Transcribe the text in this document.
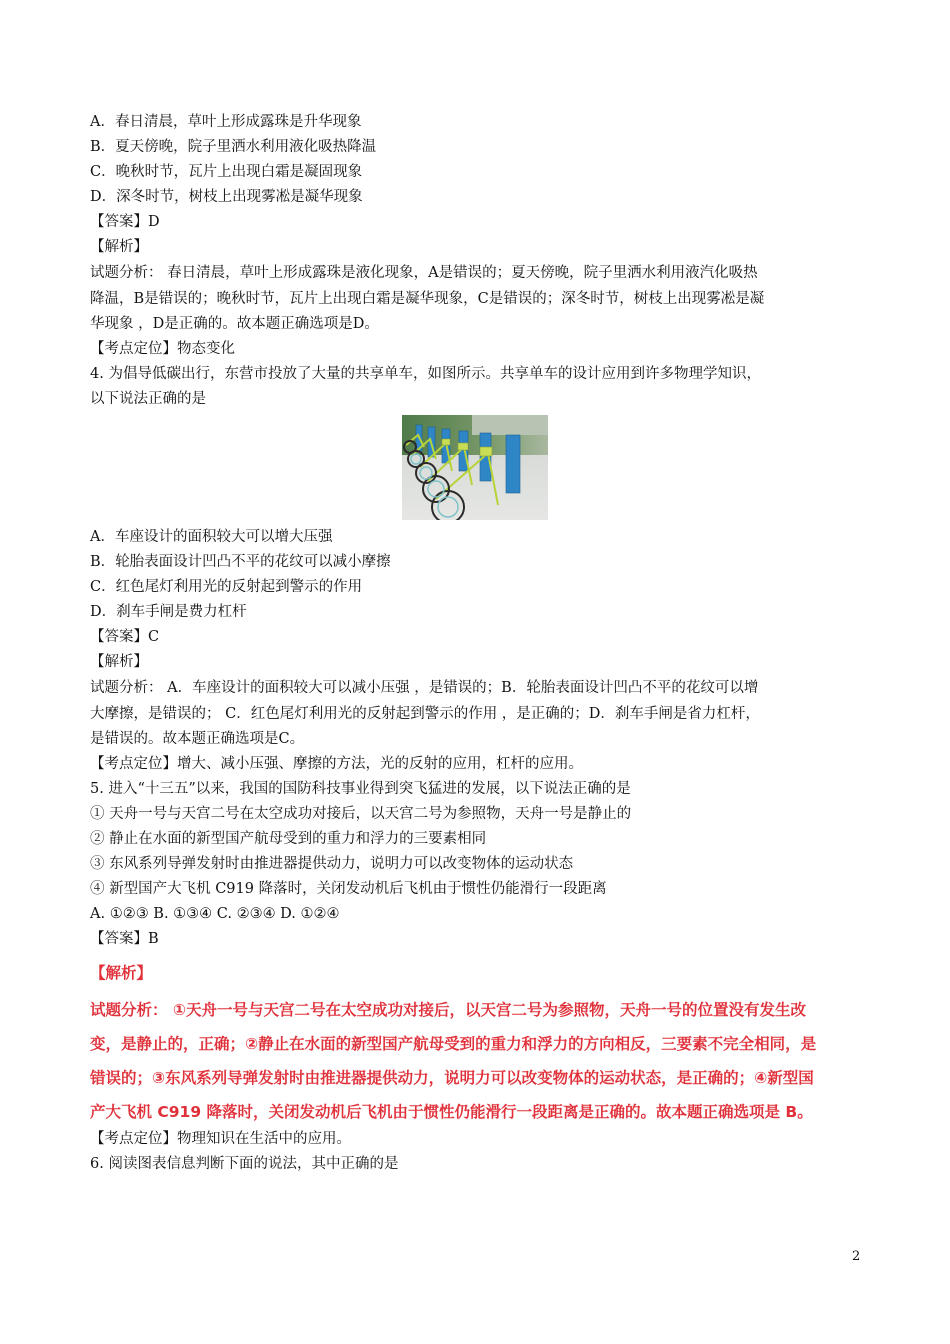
A．春日清晨，草叶上形成露珠是升华现象
B．夏天傍晚，院子里洒水利用液化吸热降温
C．晚秋时节，瓦片上出现白霜是凝固现象
D．深冬时节，树枝上出现雾凇是凝华现象
【答案】D
【解析】
试题分析： 春日清晨，草叶上形成露珠是液化现象，A是错误的；夏天傍晚，院子里洒水利用液汽化吸热
降温，B是错误的；晚秋时节，瓦片上出现白霜是凝华现象，C是错误的；深冬时节，树枝上出现雾凇是凝
华现象 ，D是正确的。故本题正确选项是D。
【考点定位】物态变化
4. 为倡导低碳出行，东营市投放了大量的共享单车，如图所示。共享单车的设计应用到许多物理学知识，
以下说法正确的是
A．车座设计的面积较大可以增大压强
B．轮胎表面设计凹凸不平的花纹可以减小摩擦
C．红色尾灯利用光的反射起到警示的作用
D．刹车手闸是费力杠杆
【答案】C
【解析】
试题分析： A．车座设计的面积较大可以减小压强 ，是错误的；B．轮胎表面设计凹凸不平的花纹可以增
大摩擦，是错误的； C．红色尾灯利用光的反射起到警示的作用 ，是正确的；D．刹车手闸是省力杠杆，
是错误的。故本题正确选项是C。
【考点定位】增大、减小压强、摩擦的方法，光的反射的应用，杠杆的应用。
5. 进入“十三五”以来，我国的国防科技事业得到突飞猛进的发展，以下说法正确的是
① 天舟一号与天宫二号在太空成功对接后，以天宫二号为参照物，天舟一号是静止的
② 静止在水面的新型国产航母受到的重力和浮力的三要素相同
③ 东风系列导弹发射时由推进器提供动力，说明力可以改变物体的运动状态
④ 新型国产大飞机 C919 降落时，关闭发动机后飞机由于惯性仍能滑行一段距离
A. ①②③ B. ①③④ C. ②③④ D. ①②④
【答案】B
【解析】
试题分析： ①天舟一号与天宫二号在太空成功对接后，以天宫二号为参照物，天舟一号的位置没有发生改
变，是静止的，正确；②静止在水面的新型国产航母受到的重力和浮力的方向相反，三要素不完全相同，是
错误的；③东风系列导弹发射时由推进器提供动力，说明力可以改变物体的运动状态，是正确的；④新型国
产大飞机 C919 降落时，关闭发动机后飞机由于惯性仍能滑行一段距离是正确的。故本题正确选项是 B。
【考点定位】物理知识在生活中的应用。
6. 阅读图表信息判断下面的说法，其中正确的是
2
